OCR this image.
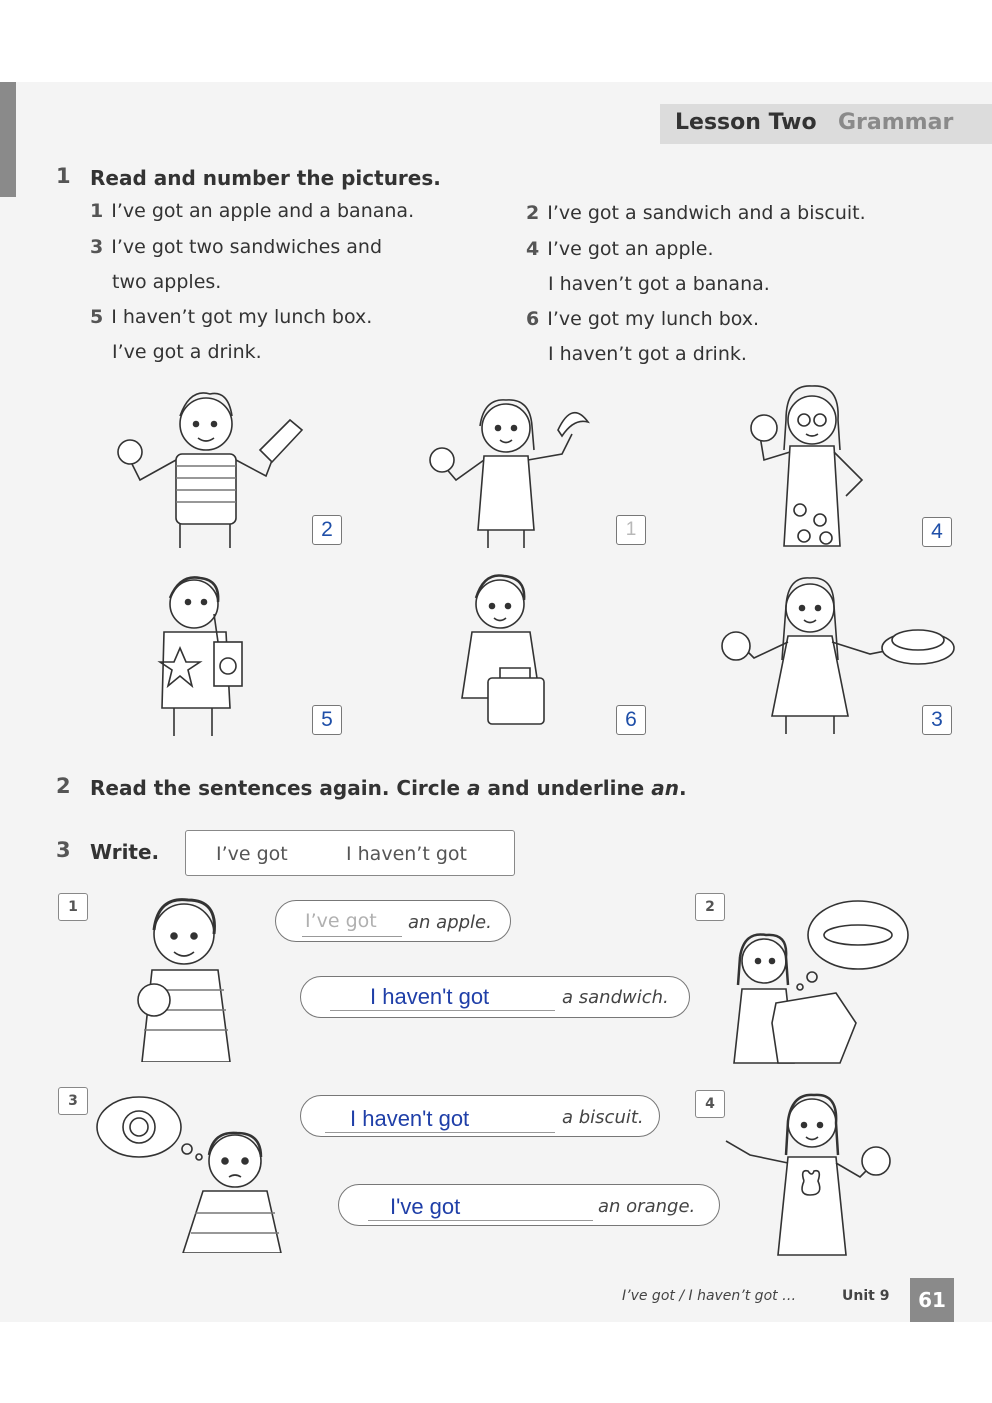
Lesson Two Grammar
1 Read and number the pictures.
1 I’ve got an apple and a banana.	2 I’ve got a sandwich and a biscuit.
3 I’ve got two sandwiches and
two apples.
4 I’ve got an apple.
I haven’t got a banana.
5 I haven’t got my lunch box.
I’ve got a drink.
6 I’ve got my lunch box.
I haven’t got a drink.
2	1	4
5	6	3
2 Read the sentences again. Circle a and underline an.
3 Write.	I’ve got	I haven’t got
1
I’ve got an apple.
I haven't got	a sandwich.
2
3
I haven't got	a biscuit.
4
I've got	an orange.
I’ve got / I haven’t got …	Unit 9	61
